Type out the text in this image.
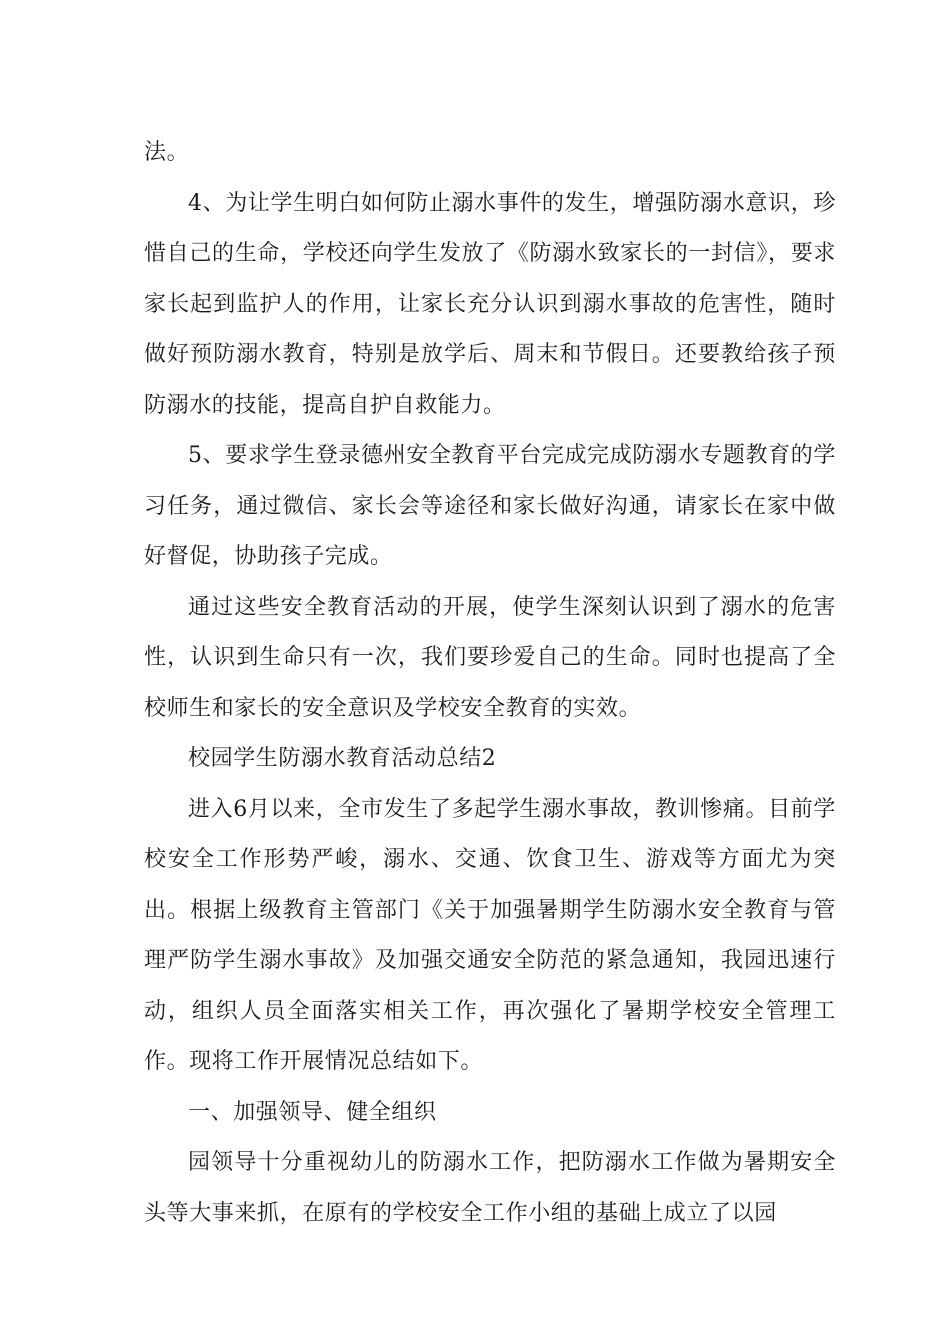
法。

4、为让学生明白如何防止溺水事件的发生，增强防溺水意识，珍惜自己的生命，学校还向学生发放了《防溺水致家长的一封信》，要求家长起到监护人的作用，让家长充分认识到溺水事故的危害性，随时做好预防溺水教育，特别是放学后、周末和节假日。还要教给孩子预防溺水的技能，提高自护自救能力。

5、要求学生登录德州安全教育平台完成完成防溺水专题教育的学习任务，通过微信、家长会等途径和家长做好沟通，请家长在家中做好督促，协助孩子完成。

通过这些安全教育活动的开展，使学生深刻认识到了溺水的危害性，认识到生命只有一次，我们要珍爱自己的生命。同时也提高了全校师生和家长的安全意识及学校安全教育的实效。

校园学生防溺水教育活动总结2

进入6月以来，全市发生了多起学生溺水事故，教训惨痛。目前学校安全工作形势严峻，溺水、交通、饮食卫生、游戏等方面尤为突出。根据上级教育主管部门《关于加强暑期学生防溺水安全教育与管理严防学生溺水事故》及加强交通安全防范的紧急通知，我园迅速行动，组织人员全面落实相关工作，再次强化了暑期学校安全管理工作。现将工作开展情况总结如下。

一、加强领导、健全组织

园领导十分重视幼儿的防溺水工作，把防溺水工作做为暑期安全头等大事来抓，在原有的学校安全工作小组的基础上成立了以园
